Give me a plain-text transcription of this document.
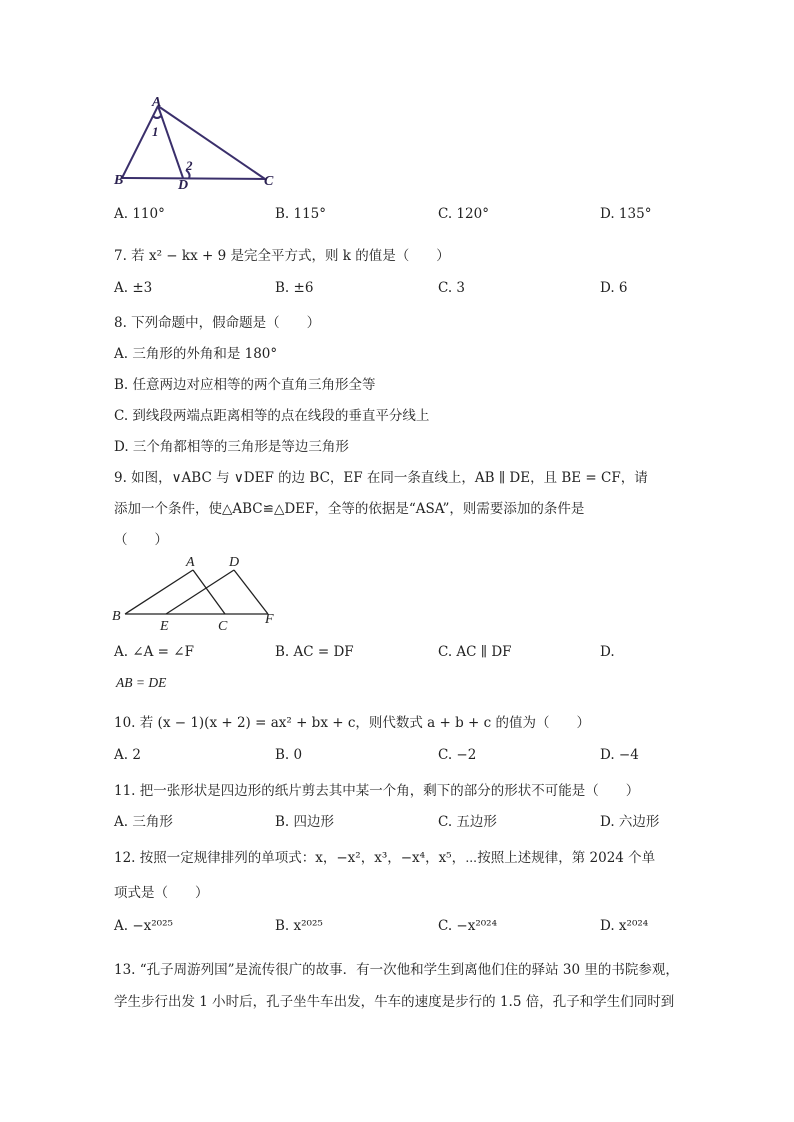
A
1
2
B	D	C
A. 110°	B. 115°	C. 120°	D. 135°
7. 若 x² − kx + 9 是完全平方式，则 k 的值是（　　）
A. ±3	B. ±6	C. 3	D. 6
8. 下列命题中，假命题是（　　）
A. 三角形的外角和是 180°
B. 任意两边对应相等的两个直角三角形全等
C. 到线段两端点距离相等的点在线段的垂直平分线上
D. 三个角都相等的三角形是等边三角形
9. 如图，∨ABC 与 ∨DEF 的边 BC，EF 在同一条直线上，AB ∥ DE，且 BE = CF，请
添加一个条件，使△ABC≌△DEF，全等的依据是“ASA”，则需要添加的条件是
（　　）
A D
B
E	C	F
A. ∠A = ∠F	B. AC = DF	C. AC ∥ DF	D.
AB = DE
10. 若 (x − 1)(x + 2) = ax² + bx + c，则代数式 a + b + c 的值为（　　）
A. 2	B. 0	C. −2	D. −4
11. 把一张形状是四边形的纸片剪去其中某一个角，剩下的部分的形状不可能是（　　）
A. 三角形	B. 四边形	C. 五边形	D. 六边形
12. 按照一定规律排列的单项式：x，−x²，x³，−x⁴，x⁵，⋯按照上述规律，第 2024 个单
项式是（　　）
A. −x²⁰²⁵	B. x²⁰²⁵	C. −x²⁰²⁴	D. x²⁰²⁴
13. “孔子周游列国”是流传很广的故事．有一次他和学生到离他们住的驿站 30 里的书院参观，
学生步行出发 1 小时后，孔子坐牛车出发，牛车的速度是步行的 1.5 倍，孔子和学生们同时到
